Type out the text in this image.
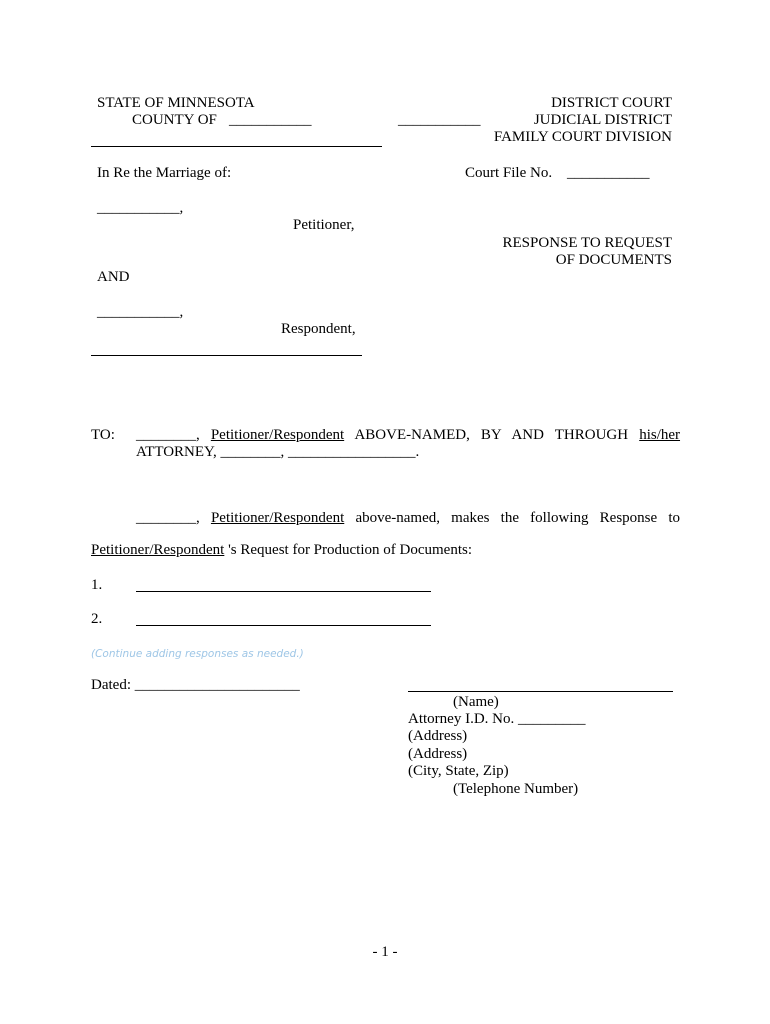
STATE OF MINNESOTA
COUNTY OF ___________
DISTRICT COURT
___________	JUDICIAL DISTRICT
FAMILY COURT DIVISION
In Re the Marriage of:	Court File No. ___________
___________,
Petitioner,
RESPONSE TO REQUEST
OF DOCUMENTS
AND
___________,
Respondent,
TO: ________, Petitioner/Respondent ABOVE-NAMED, BY AND THROUGH his/her
ATTORNEY, ________, _________________.
________, Petitioner/Respondent above-named, makes the following Response to
Petitioner/Respondent 's Request for Production of Documents:
1.
2.
(Continue adding responses as needed.)
Dated: ______________________
(Name)
Attorney I.D. No. _________
(Address)
(Address)
(City, State, Zip)
(Telephone Number)
- 1 -
